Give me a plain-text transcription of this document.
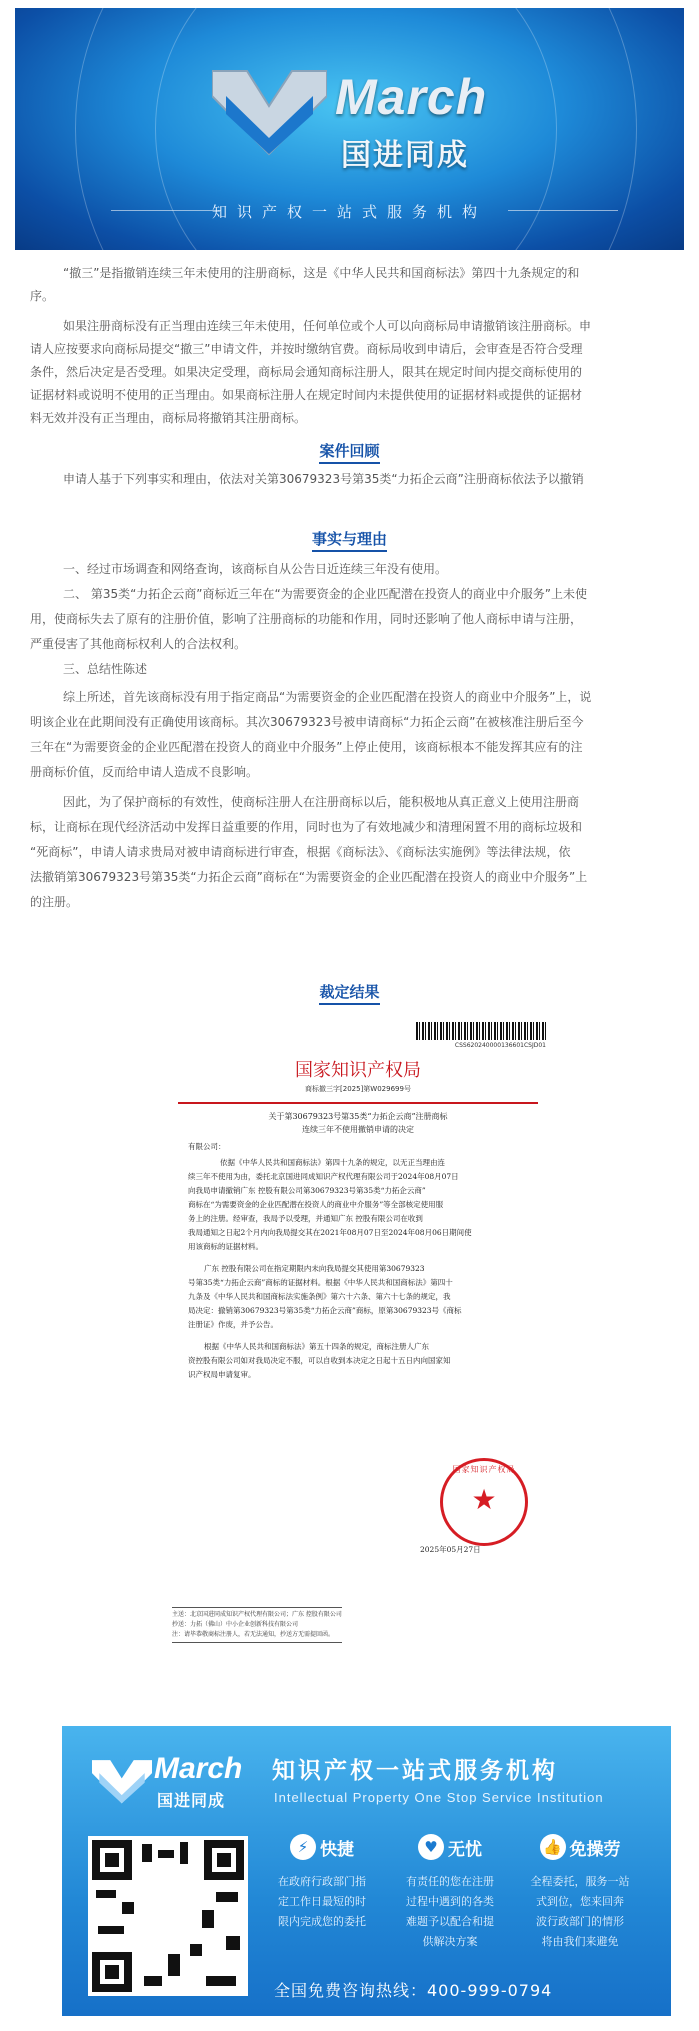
March
国进同成
知识产权一站式服务机构
“撤三”是指撤销连续三年未使用的注册商标，这是《中华人民共和国商标法》第四十九条规定的和
序。
如果注册商标没有正当理由连续三年未使用，任何单位或个人可以向商标局申请撤销该注册商标。申
请人应按要求向商标局提交“撤三”申请文件，并按时缴纳官费。商标局收到申请后，会审查是否符合受理
条件，然后决定是否受理。如果决定受理，商标局会通知商标注册人，限其在规定时间内提交商标使用的
证据材料或说明不使用的正当理由。如果商标注册人在规定时间内未提供使用的证据材料或提供的证据材
料无效并没有正当理由，商标局将撤销其注册商标。
案件回顾
申请人基于下列事实和理由，依法对关第30679323号第35类“力拓企云商”注册商标依法予以撤销
事实与理由
一、经过市场调查和网络查询，该商标自从公告日近连续三年没有使用。
二、 第35类“力拓企云商”商标近三年在“为需要资金的企业匹配潜在投资人的商业中介服务”上未使
用，使商标失去了原有的注册价值，影响了注册商标的功能和作用，同时还影响了他人商标申请与注册，
严重侵害了其他商标权利人的合法权利。
三、总结性陈述
综上所述，首先该商标没有用于指定商品“为需要资金的企业匹配潜在投资人的商业中介服务”上，说
明该企业在此期间没有正确使用该商标。其次30679323号被申请商标“力拓企云商”在被核准注册后至今
三年在“为需要资金的企业匹配潜在投资人的商业中介服务”上停止使用，该商标根本不能发挥其应有的注
册商标价值，反而给申请人造成不良影响。
因此，为了保护商标的有效性，使商标注册人在注册商标以后，能积极地从真正意义上使用注册商
标，让商标在现代经济活动中发挥日益重要的作用，同时也为了有效地减少和清理闲置不用的商标垃圾和
“死商标”，申请人请求贵局对被申请商标进行审查，根据《商标法》、《商标法实施例》等法律法规，依
法撤销第30679323号第35类“力拓企云商”商标在“为需要资金的企业匹配潜在投资人的商业中介服务”上
的注册。
裁定结果
CSS620240000136601CSJD01
国家知识产权局
商标撤三字[2025]第W029699号
关于第30679323号第35类“力拓企云商”注册商标
连续三年不使用撤销申请的决定
有限公司：
依据《中华人民共和国商标法》第四十九条的规定，以无正当理由连
续三年不使用为由，委托北京国进同成知识产权代理有限公司于2024年08月07日
向我局申请撤销广东 控股有限公司第30679323号第35类“力拓企云商”
商标在“为需要资金的企业匹配潜在投资人的商业中介服务”等全部核定使用服
务上的注册。经审查，我局予以受理，并通知广东 控股有限公司在收到
我局通知之日起2个月内向我局提交其在2021年08月07日至2024年08月06日期间使
用该商标的证据材料。
广东 控股有限公司在指定期限内未向我局提交其使用第30679323
号第35类“力拓企云商”商标的证据材料。根据《中华人民共和国商标法》第四十
九条及《中华人民共和国商标法实施条例》第六十六条、第六十七条的规定，我
局决定：撤销第30679323号第35类“力拓企云商”商标，原第30679323号《商标
注册证》作废，并予公告。
根据《中华人民共和国商标法》第五十四条的规定，商标注册人广东
资控股有限公司如对我局决定不服，可以自收到本决定之日起十五日内向国家知
识产权局申请复审。
国家知识产权局
★
2025年05月27日
主送：北京国进同成知识产权代理有限公司；广东 控股有限公司
抄送：力拓（佛山）中小企业创新科技有限公司
注：请毕恭敬商标注册人，若无法通知，抄送方无需提回函。
March
国进同成
知识产权一站式服务机构
Intellectual Property One Stop Service Institution
⚡ 快捷
在政府行政部门指
定工作日最短的时
限内完成您的委托
♥ 无忧
有责任的您在注册
过程中遇到的各类
难题予以配合和提
供解决方案
👍 免操劳
全程委托，服务一站
式到位，您来回奔
波行政部门的情形
将由我们来避免
全国免费咨询热线：400-999-0794
